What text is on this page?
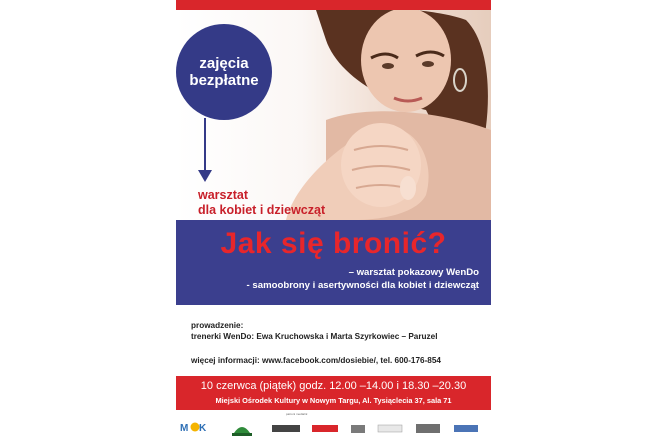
zajęcia
bezpłatne
warsztat
dla kobiet i dziewcząt
Jak się bronić?
– warsztat pokazowy WenDo
- samoobrony i asertywności dla kobiet i dziewcząt
prowadzenie:
trenerki WenDo: Ewa Kruchowska i Marta Szyrkowiec – Paruzel
więcej informacji: www.facebook.com/dosiebie/, tel. 600-176-854
10 czerwca (piątek) godz. 12.00 –14.00 i 18.30 –20.30
Miejski Ośrodek Kultury w Nowym Targu, Al. Tysiąclecia 37, sala 71
M K
patroni medialni:
